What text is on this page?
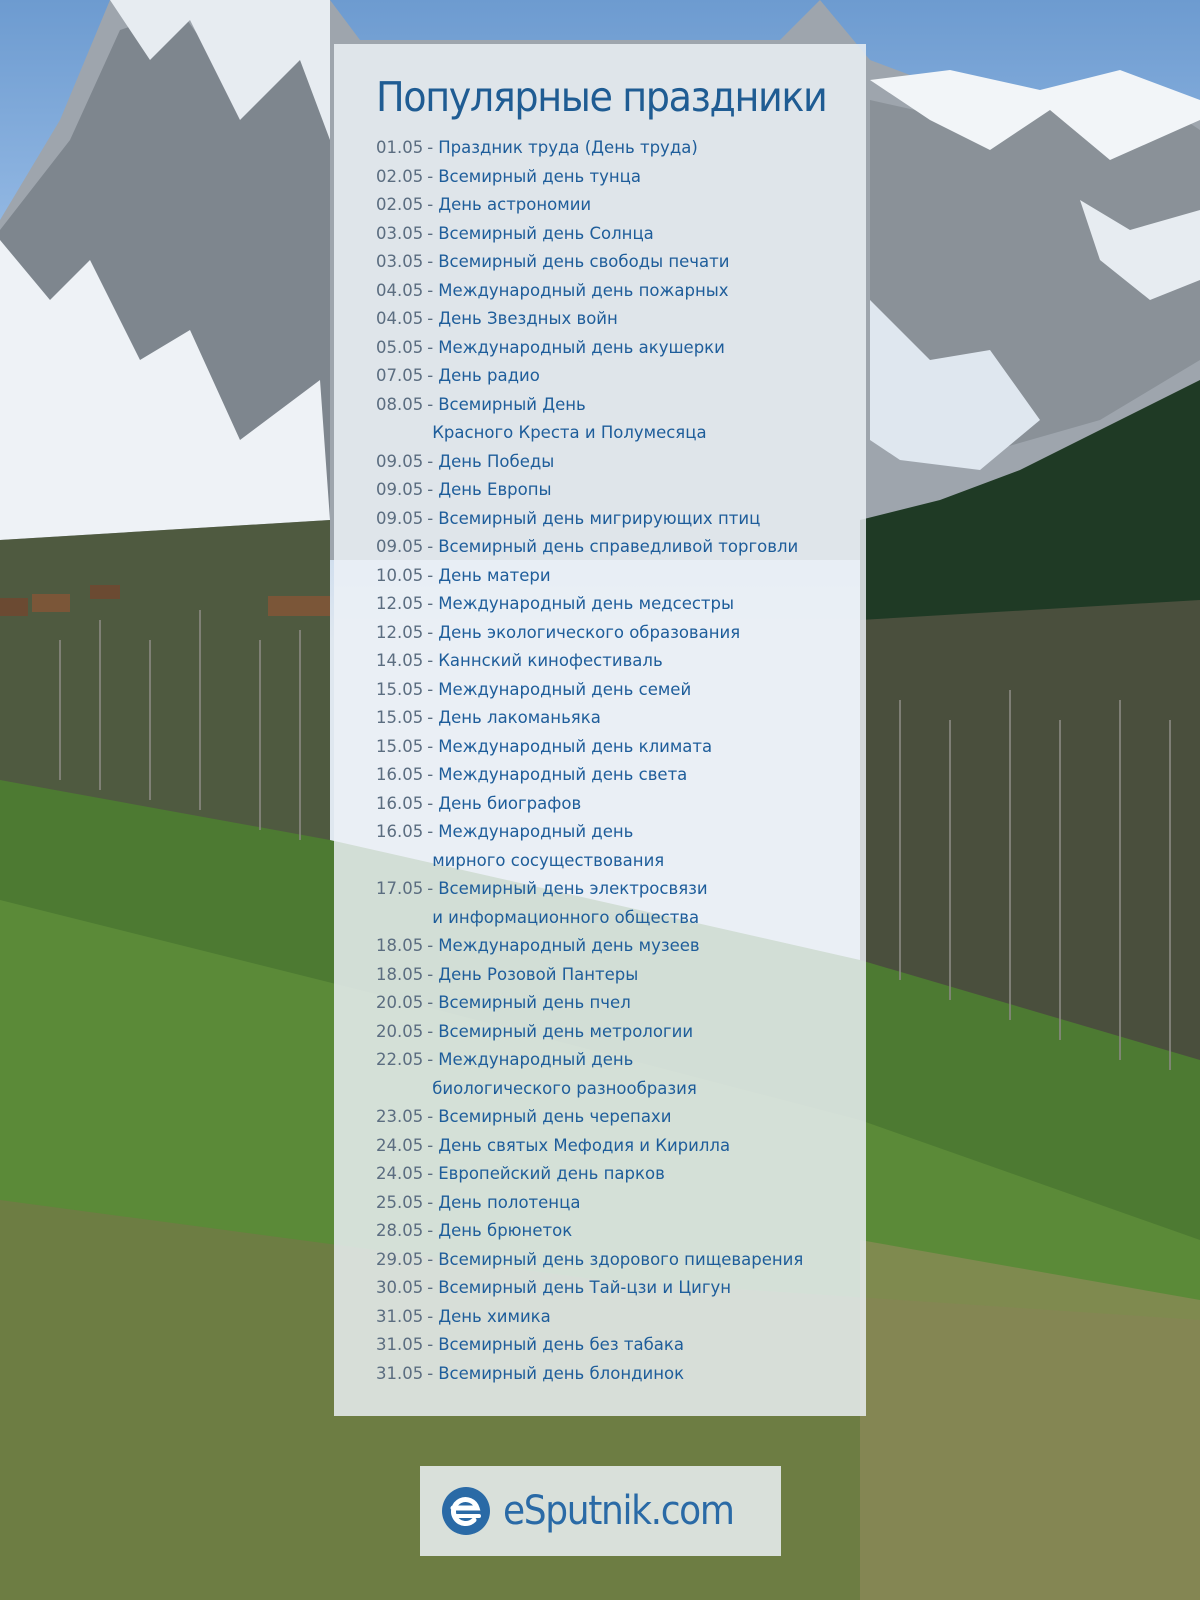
Популярные праздники
01.05 - Праздник труда (День труда)
02.05 - Всемирный день тунца
02.05 - День астрономии
03.05 - Всемирный день Солнца
03.05 - Всемирный день свободы печати
04.05 - Международный день пожарных
04.05 - День Звездных войн
05.05 - Международный день акушерки
07.05 - День радио
08.05 - Всемирный День
Красного Креста и Полумесяца
09.05 - День Победы
09.05 - День Европы
09.05 - Всемирный день мигрирующих птиц
09.05 - Всемирный день справедливой торговли
10.05 - День матери
12.05 - Международный день медсестры
12.05 - День экологического образования
14.05 - Каннский кинофестиваль
15.05 - Международный день семей
15.05 - День лакоманьяка
15.05 - Международный день климата
16.05 - Международный день света
16.05 - День биографов
16.05 - Международный день
мирного сосуществования
17.05 - Всемирный день электросвязи
и информационного общества
18.05 - Международный день музеев
18.05 - День Розовой Пантеры
20.05 - Всемирный день пчел
20.05 - Всемирный день метрологии
22.05 - Международный день
биологического разнообразия
23.05 - Всемирный день черепахи
24.05 - День святых Мефодия и Кирилла
24.05 - Европейский день парков
25.05 - День полотенца
28.05 - День брюнеток
29.05 - Всемирный день здорового пищеварения
30.05 - Всемирный день Тай-цзи и Цигун
31.05 - День химика
31.05 - Всемирный день без табака
31.05 - Всемирный день блондинок
eSputnik.com
